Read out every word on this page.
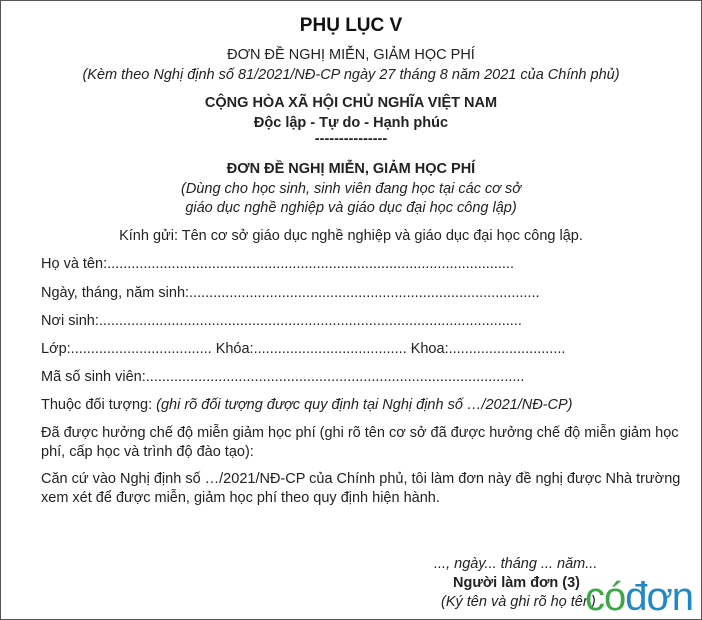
PHỤ LỤC V
ĐƠN ĐỀ NGHỊ MIỄN, GIẢM HỌC PHÍ
(Kèm theo Nghị định số 81/2021/NĐ-CP ngày 27 tháng 8 năm 2021 của Chính phủ)
CỘNG HÒA XÃ HỘI CHỦ NGHĨA VIỆT NAM
Độc lập - Tự do - Hạnh phúc
---------------
ĐƠN ĐỀ NGHỊ MIỄN, GIẢM HỌC PHÍ
(Dùng cho học sinh, sinh viên đang học tại các cơ sở
giáo dục nghề nghiệp và giáo dục đại học công lập)
Kính gửi: Tên cơ sở giáo dục nghề nghiệp và giáo dục đại học công lập.
Họ và tên:.....................................................................................................
Ngày, tháng, năm sinh:.......................................................................................
Nơi sinh:.........................................................................................................
Lớp:................................... Khóa:...................................... Khoa:.............................
Mã số sinh viên:..............................................................................................
Thuộc đối tượng: (ghi rõ đối tượng được quy định tại Nghị định số …/2021/NĐ-CP)
Đã được hưởng chế độ miễn giảm học phí (ghi rõ tên cơ sở đã được hưởng chế độ miễn giảm học
phí, cấp học và trình độ đào tạo):
Căn cứ vào Nghị định số …/2021/NĐ-CP của Chính phủ, tôi làm đơn này đề nghị được Nhà trường
xem xét để được miễn, giảm học phí theo quy định hiện hành.
..., ngày... tháng ... năm...
Người làm đơn (3)
(Ký tên và ghi rõ họ tên)
cóđơn
